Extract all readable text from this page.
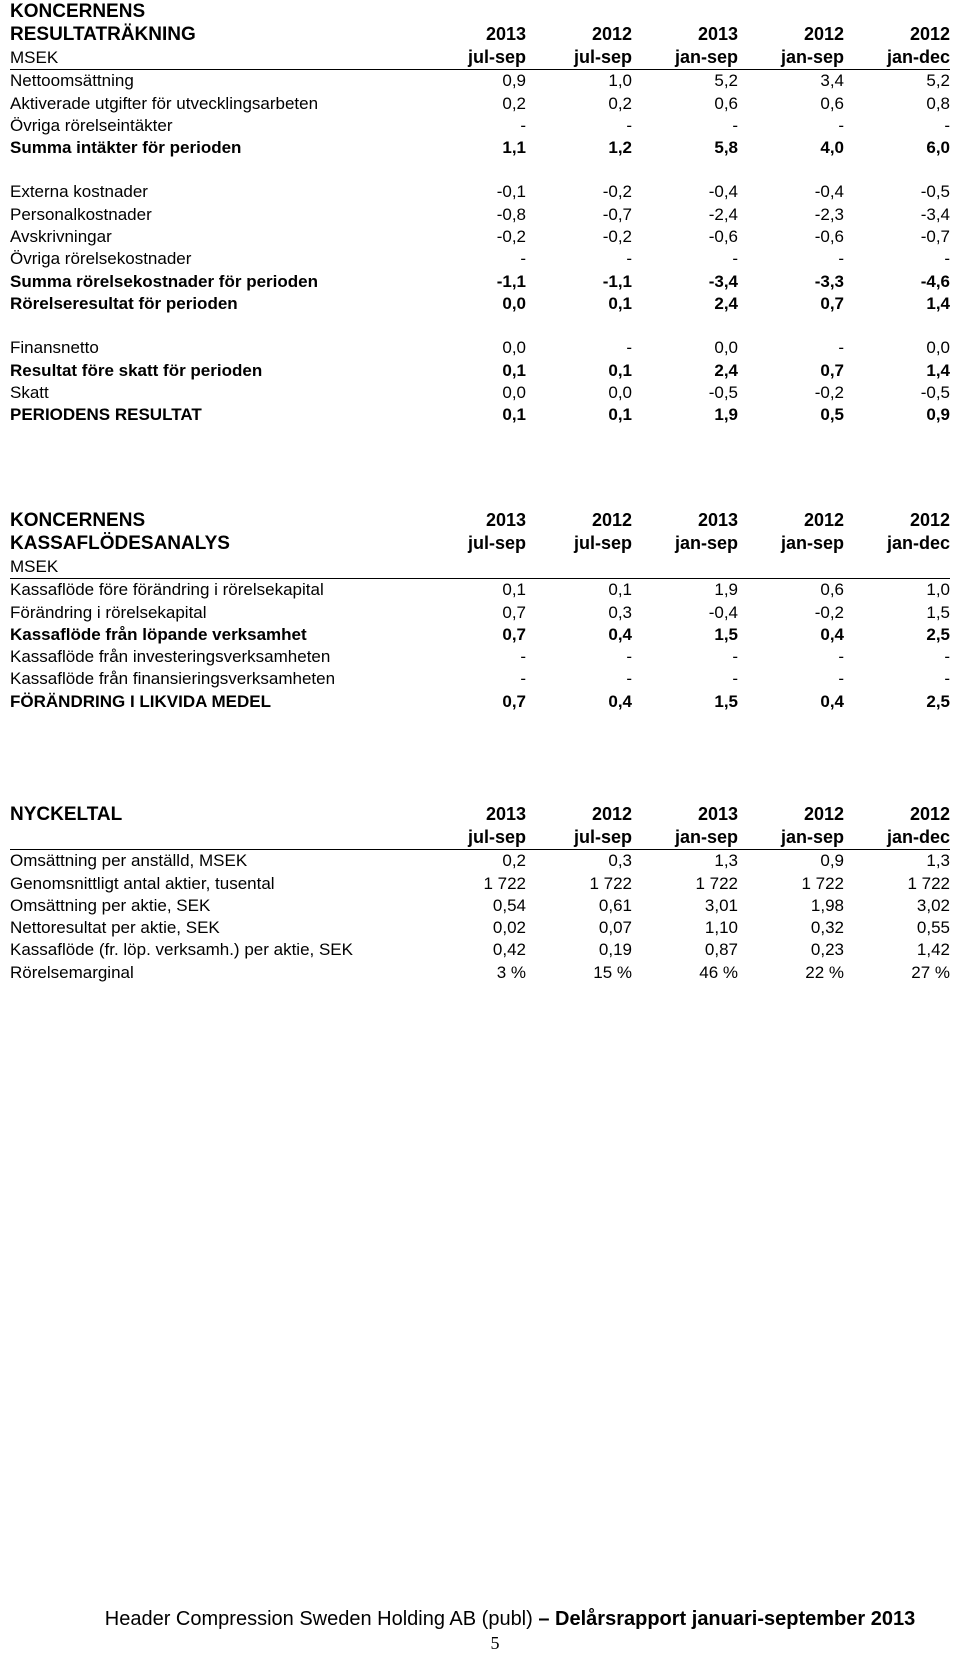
KONCERNENS					
RESULTATRÄKNING	2013	2012	2013	2012	2012
MSEK	jul-sep	jul-sep	jan-sep	jan-sep	jan-dec
Nettoomsättning	0,9	1,0	5,2	3,4	5,2
Aktiverade utgifter för utvecklingsarbeten	0,2	0,2	0,6	0,6	0,8
Övriga rörelseintäkter	-	-	-	-	-
Summa intäkter för perioden	1,1	1,2	5,8	4,0	6,0

Externa kostnader	-0,1	-0,2	-0,4	-0,4	-0,5
Personalkostnader	-0,8	-0,7	-2,4	-2,3	-3,4
Avskrivningar	-0,2	-0,2	-0,6	-0,6	-0,7
Övriga rörelsekostnader	-	-	-	-	-
Summa rörelsekostnader för perioden	-1,1	-1,1	-3,4	-3,3	-4,6
Rörelseresultat för perioden	0,0	0,1	2,4	0,7	1,4

Finansnetto	0,0	-	0,0	-	0,0
Resultat före skatt för perioden	0,1	0,1	2,4	0,7	1,4
Skatt	0,0	0,0	-0,5	-0,2	-0,5
PERIODENS RESULTAT	0,1	0,1	1,9	0,5	0,9
KONCERNENS	2013	2012	2013	2012	2012
KASSAFLÖDESANALYS	jul-sep	jul-sep	jan-sep	jan-sep	jan-dec
MSEK					
Kassaflöde före förändring i rörelsekapital	0,1	0,1	1,9	0,6	1,0
Förändring i rörelsekapital	0,7	0,3	-0,4	-0,2	1,5
Kassaflöde från löpande verksamhet	0,7	0,4	1,5	0,4	2,5
Kassaflöde från investeringsverksamheten	-	-	-	-	-
Kassaflöde från finansieringsverksamheten	-	-	-	-	-
FÖRÄNDRING I LIKVIDA MEDEL	0,7	0,4	1,5	0,4	2,5
NYCKELTAL	2013	2012	2013	2012	2012
	jul-sep	jul-sep	jan-sep	jan-sep	jan-dec
Omsättning per anställd, MSEK	0,2	0,3	1,3	0,9	1,3
Genomsnittligt antal aktier, tusental	1 722	1 722	1 722	1 722	1 722
Omsättning per aktie, SEK	0,54	0,61	3,01	1,98	3,02
Nettoresultat per aktie, SEK	0,02	0,07	1,10	0,32	0,55
Kassaflöde (fr. löp. verksamh.) per aktie, SEK	0,42	0,19	0,87	0,23	1,42
Rörelsemarginal	3 %	15 %	46 %	22 %	27 %
Header Compression Sweden Holding AB (publ) – Delårsrapport januari-september 2013
5
